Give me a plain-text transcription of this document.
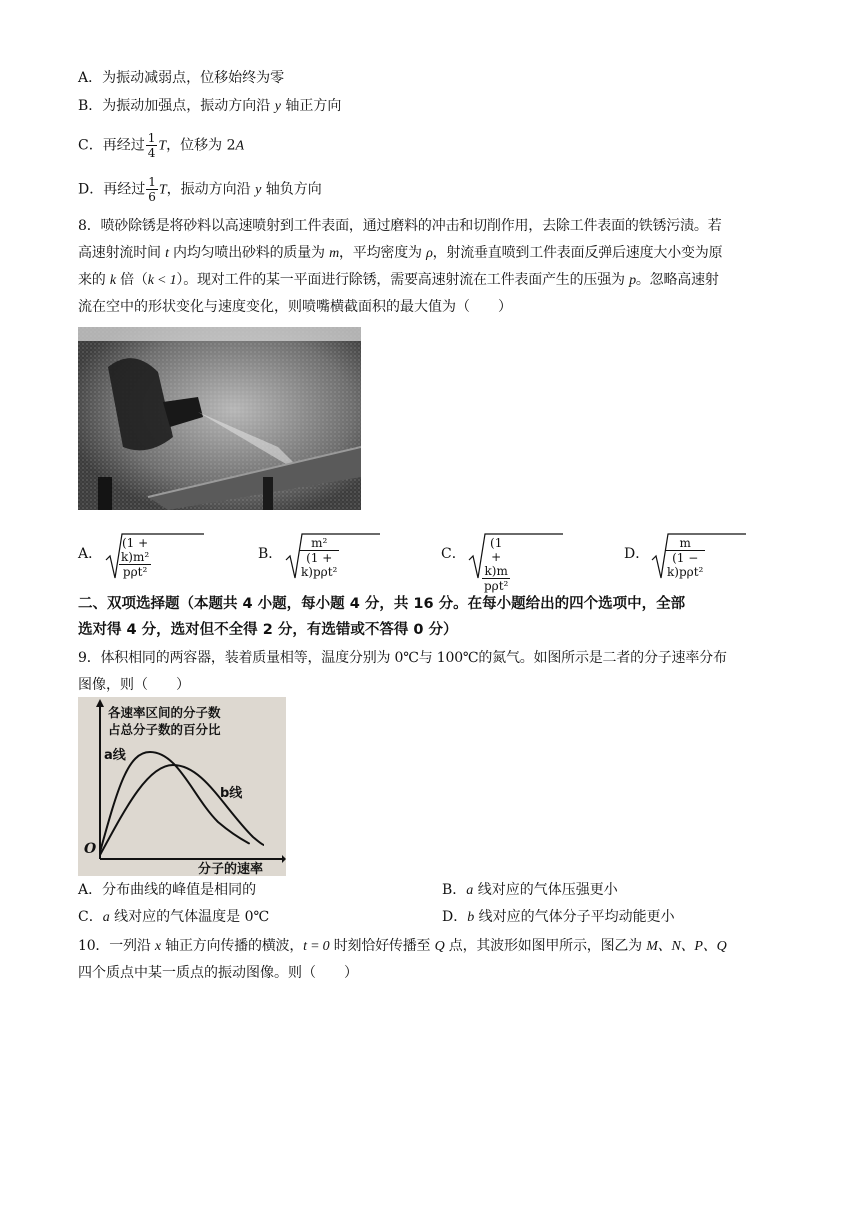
A．为振动减弱点，位移始终为零
B．为振动加强点，振动方向沿 y 轴正方向
C．再经过 $\frac{1}{4}$ T，位移为 2A
D．再经过 $\frac{1}{6}$ T，振动方向沿 y 轴负方向
8．喷砂除锈是将砂料以高速喷射到工件表面，通过磨料的冲击和切削作用，去除工件表面的铁锈污渍。若
高速射流时间 t 内均匀喷出砂料的质量为 m，平均密度为 ρ，射流垂直喷到工件表面反弹后速度大小变为原
来的 k 倍（k < 1）。现对工件的某一平面进行除锈，需要高速射流在工件表面产生的压强为 p。忽略高速射
流在空中的形状变化与速度变化，则喷嘴横截面积的最大值为（　　）
A．
(1 + k)m²
pρt²
B．
m²
(1 + k)pρt²
C．
(1 + k)m
pρt²
D．
m
(1 − k)pρt²
二、双项选择题（本题共 4 小题，每小题 4 分，共 16 分。在每小题给出的四个选项中，全部
选对得 4 分，选对但不全得 2 分，有选错或不答得 0 分）
9．体积相同的两容器，装着质量相等，温度分别为 0℃与 100℃的氮气。如图所示是二者的分子速率分布
图像，则（　　）
各速率区间的分子数
占总分子数的百分比
a线
b线
O
分子的速率
A．分布曲线的峰值是相同的	B．a 线对应的气体压强更小
C．a 线对应的气体温度是 0℃	D．b 线对应的气体分子平均动能更小
10．一列沿 x 轴正方向传播的横波，t = 0 时刻恰好传播至 Q 点，其波形如图甲所示，图乙为 M、N、P、Q
四个质点中某一质点的振动图像。则（　　）
